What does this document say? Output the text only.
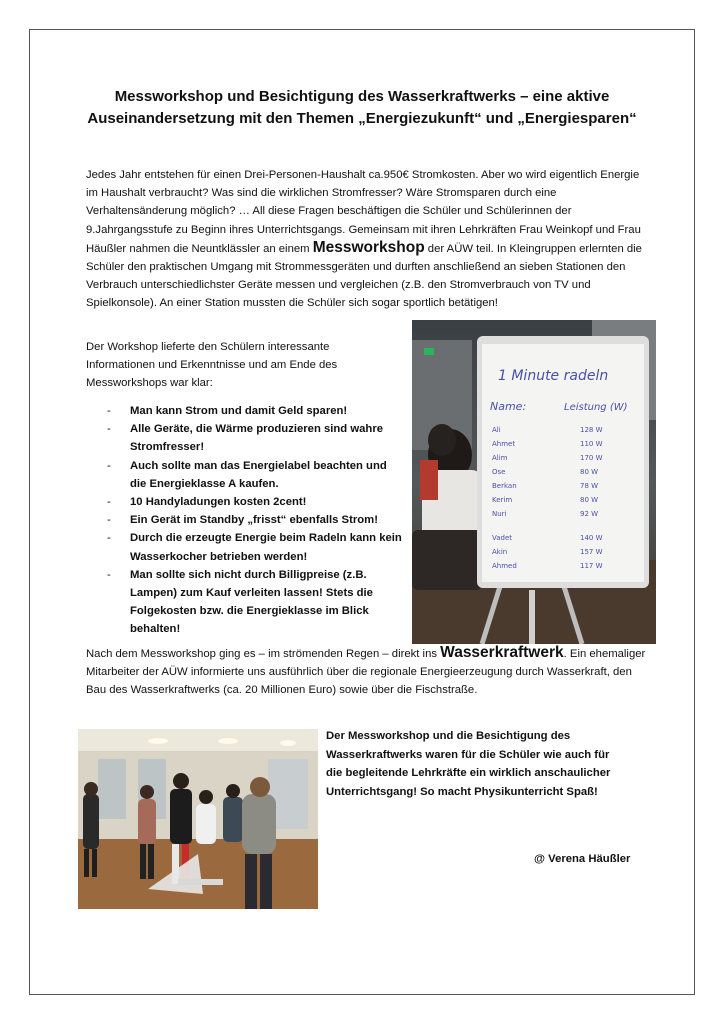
Messworkshop und Besichtigung des Wasserkraftwerks – eine aktive
Auseinandersetzung mit den Themen „Energiezukunft“ und „Energiesparen“

Jedes Jahr entstehen für einen Drei-Personen-Haushalt ca.950€ Stromkosten. Aber wo wird eigentlich Energie im Haushalt verbraucht? Was sind die wirklichen Stromfresser? Wäre Stromsparen durch eine Verhaltensänderung möglich? … All diese Fragen beschäftigen die Schüler und Schülerinnen der 9.Jahrgangsstufe zu Beginn ihres Unterrichtsgangs. Gemeinsam mit ihren Lehrkräften Frau Weinkopf und Frau Häußler nahmen die Neuntklässler an einem Messworkshop der AÜW teil. In Kleingruppen erlernten die Schüler den praktischen Umgang mit Strommessgeräten und durften anschließend an sieben Stationen den Verbrauch unterschiedlichster Geräte messen und vergleichen (z.B. den Stromverbrauch von TV und Spielkonsole). An einer Station mussten die Schüler sich sogar sportlich betätigen!

Der Workshop lieferte den Schülern interessante Informationen und Erkenntnisse und am Ende des Messworkshops war klar:

- Man kann Strom und damit Geld sparen!
- Alle Geräte, die Wärme produzieren sind wahre Stromfresser!
- Auch sollte man das Energielabel beachten und die Energieklasse A kaufen.
- 10 Handyladungen kosten 2cent!
- Ein Gerät im Standby „frisst“ ebenfalls Strom!
- Durch die erzeugte Energie beim Radeln kann kein Wasserkocher betrieben werden!
- Man sollte sich nicht durch Billigpreise (z.B. Lampen) zum Kauf verleiten lassen! Stets die Folgekosten bzw. die Energieklasse im Blick behalten!
1 Minute radeln
Name:	Leistung (W)
Ali	128 W
Ahmet	110 W
Alim	170 W
Ose	80 W
Berkan	78 W
Kerim	80 W
Nuri	92 W
Vadet	140 W
Akin	157 W
Ahmed	117 W

Nach dem Messworkshop ging es – im strömenden Regen – direkt ins Wasserkraftwerk. Ein ehemaliger Mitarbeiter der AÜW informierte uns ausführlich über die regionale Energieerzeugung durch Wasserkraft, den Bau des Wasserkraftwerks (ca. 20 Millionen Euro) sowie über die Fischstraße.

Der Messworkshop und die Besichtigung des Wasserkraftwerks waren für die Schüler wie auch für die begleitende Lehrkräfte ein wirklich anschaulicher Unterrichtsgang! So macht Physikunterricht Spaß!

@ Verena Häußler
